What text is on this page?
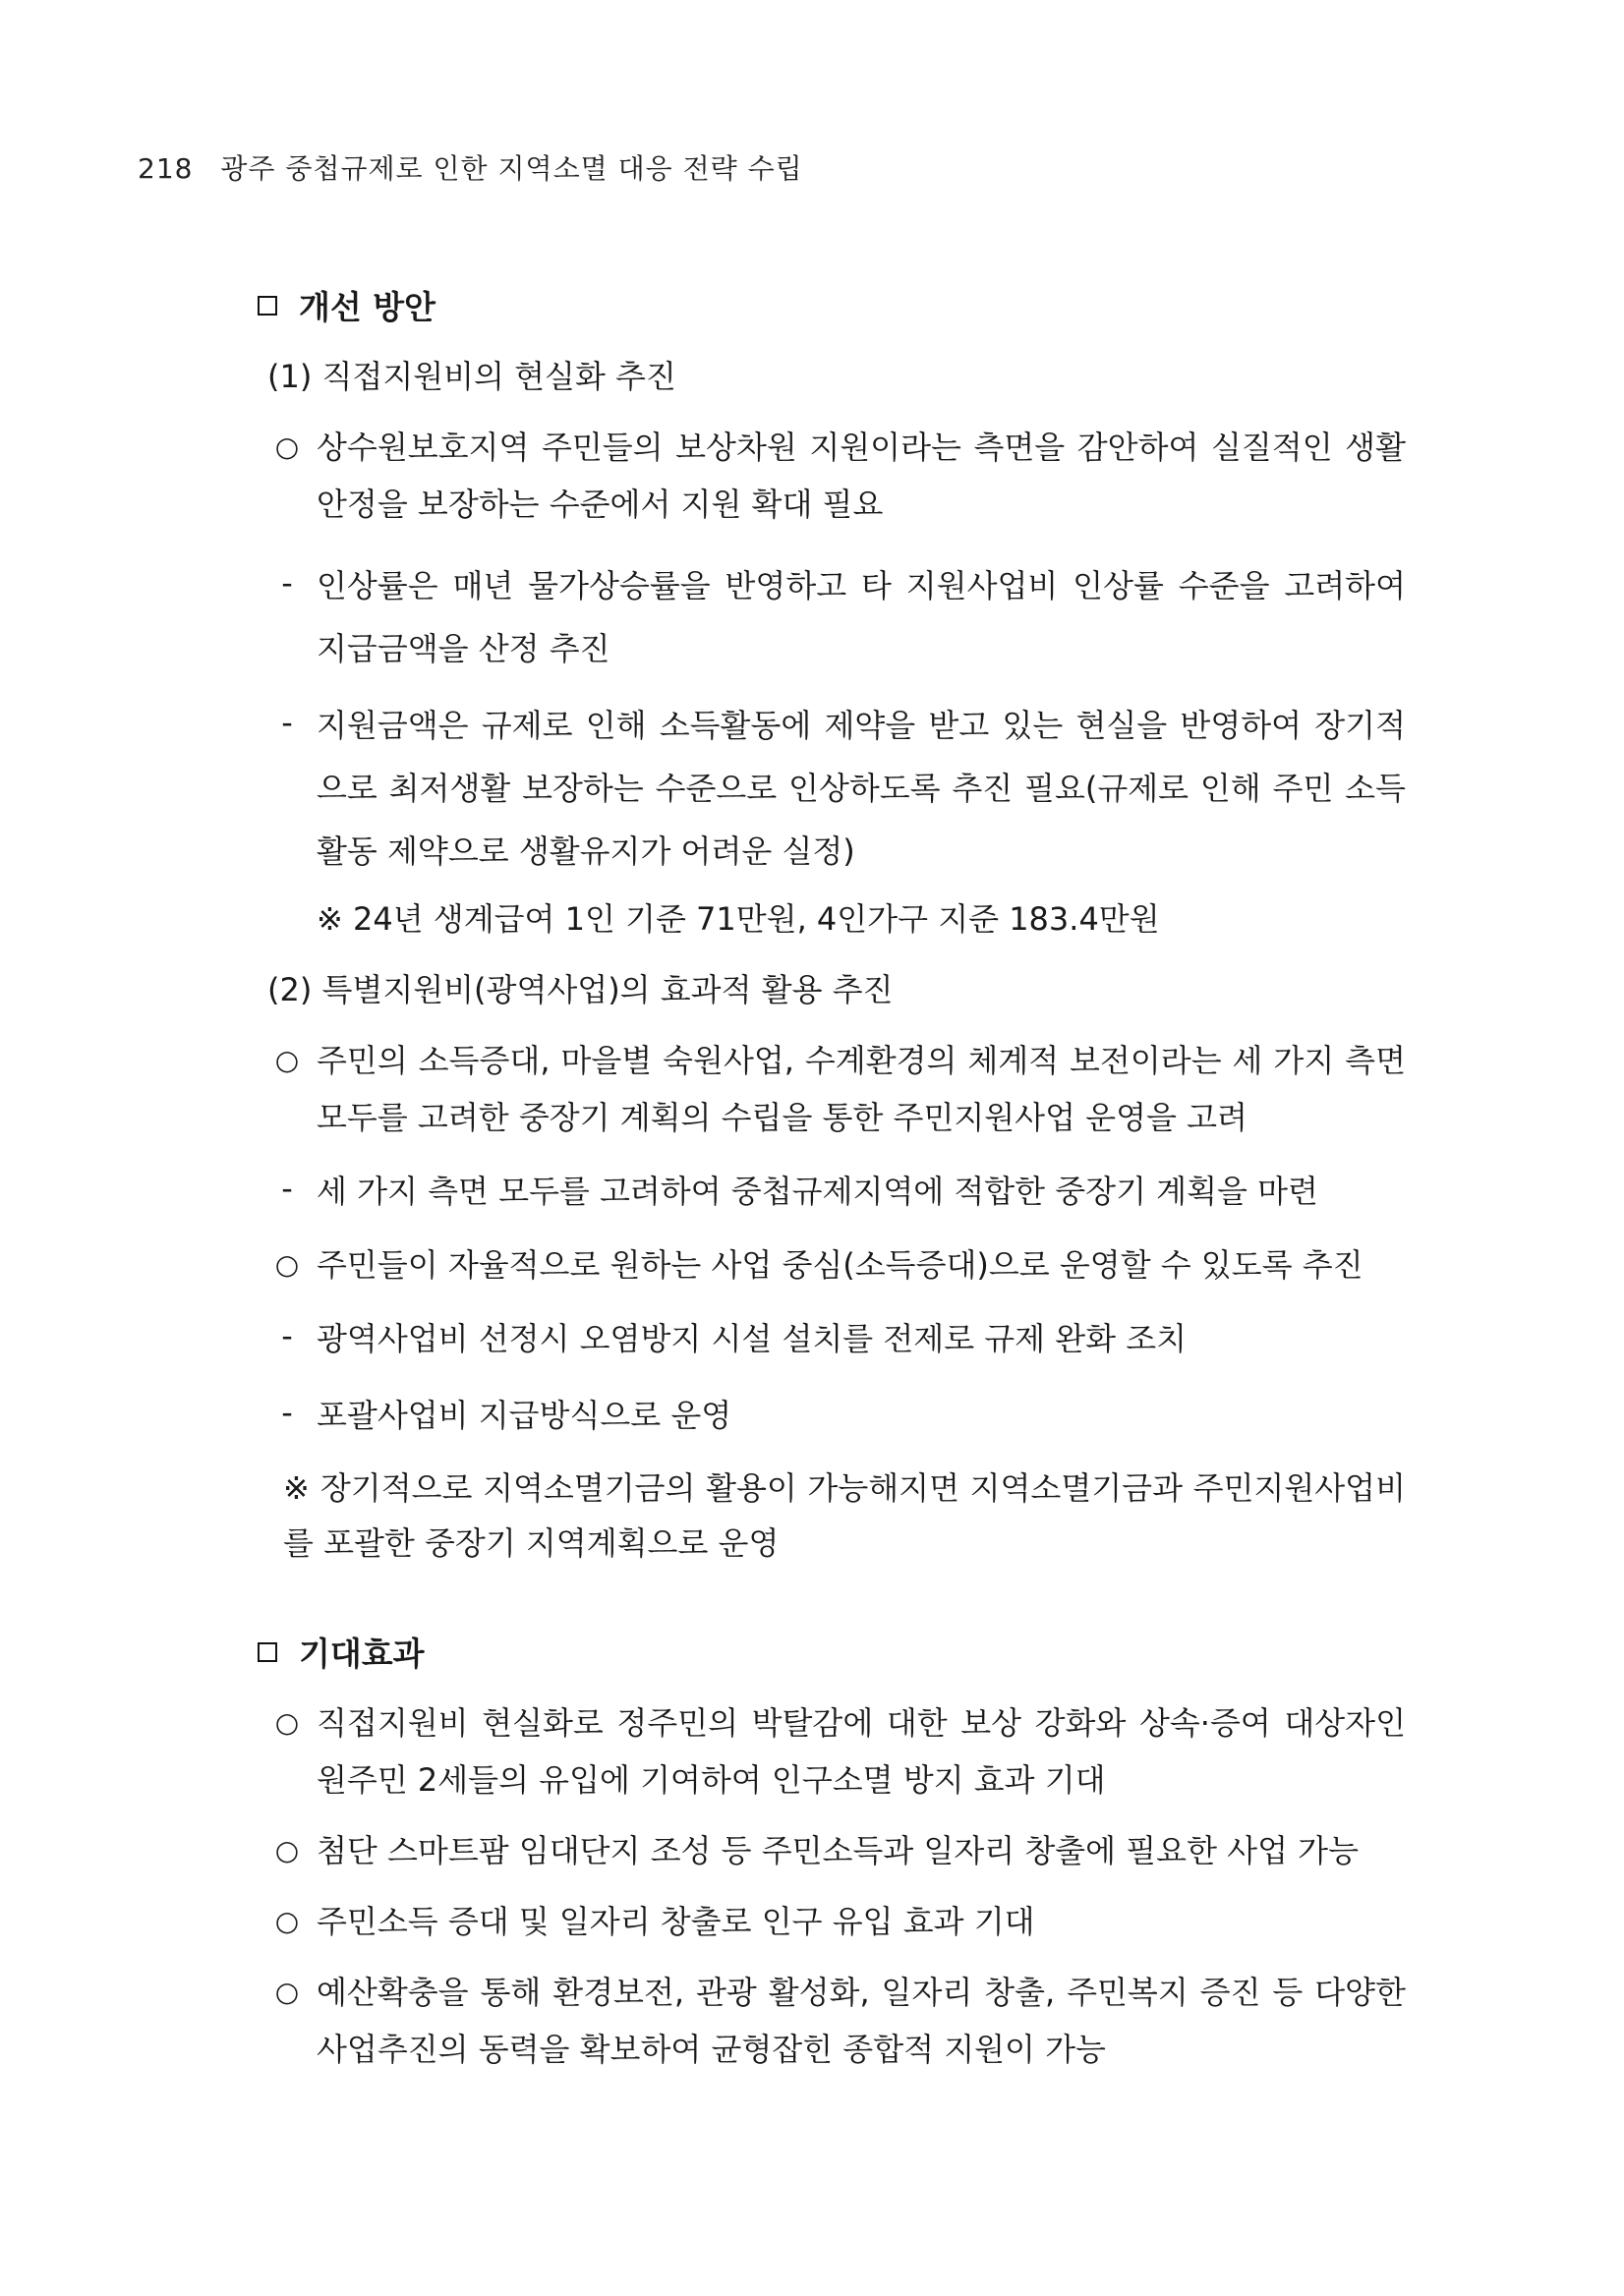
218 광주 중첩규제로 인한 지역소멸 대응 전략 수립
개선 방안
(1) 직접지원비의 현실화 추진
○ 상수원보호지역 주민들의 보상차원 지원이라는 측면을 감안하여 실질적인 생활 안정을 보장하는 수준에서 지원 확대 필요
- 인상률은 매년 물가상승률을 반영하고 타 지원사업비 인상률 수준을 고려하여 지급금액을 산정 추진
- 지원금액은 규제로 인해 소득활동에 제약을 받고 있는 현실을 반영하여 장기적으로 최저생활 보장하는 수준으로 인상하도록 추진 필요(규제로 인해 주민 소득활동 제약으로 생활유지가 어려운 실정)
※ 24년 생계급여 1인 기준 71만원, 4인가구 지준 183.4만원
(2) 특별지원비(광역사업)의 효과적 활용 추진
○ 주민의 소득증대, 마을별 숙원사업, 수계환경의 체계적 보전이라는 세 가지 측면 모두를 고려한 중장기 계획의 수립을 통한 주민지원사업 운영을 고려
- 세 가지 측면 모두를 고려하여 중첩규제지역에 적합한 중장기 계획을 마련
○ 주민들이 자율적으로 원하는 사업 중심(소득증대)으로 운영할 수 있도록 추진
- 광역사업비 선정시 오염방지 시설 설치를 전제로 규제 완화 조치
- 포괄사업비 지급방식으로 운영
※ 장기적으로 지역소멸기금의 활용이 가능해지면 지역소멸기금과 주민지원사업비를 포괄한 중장기 지역계획으로 운영
기대효과
○ 직접지원비 현실화로 정주민의 박탈감에 대한 보상 강화와 상속·증여 대상자인 원주민 2세들의 유입에 기여하여 인구소멸 방지 효과 기대
○ 첨단 스마트팜 임대단지 조성 등 주민소득과 일자리 창출에 필요한 사업 가능
○ 주민소득 증대 및 일자리 창출로 인구 유입 효과 기대
○ 예산확충을 통해 환경보전, 관광 활성화, 일자리 창출, 주민복지 증진 등 다양한 사업추진의 동력을 확보하여 균형잡힌 종합적 지원이 가능
